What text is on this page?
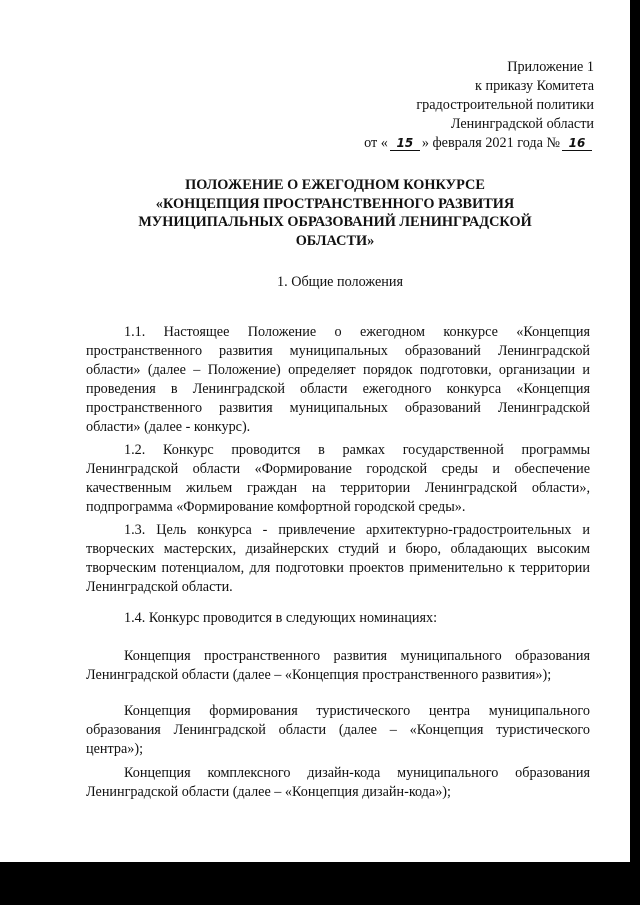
Приложение 1
к приказу Комитета
градостроительной политики
Ленинградской области
от « 15 » февраля 2021 года № 16
ПОЛОЖЕНИЕ О ЕЖЕГОДНОМ КОНКУРСЕ
«КОНЦЕПЦИЯ ПРОСТРАНСТВЕННОГО РАЗВИТИЯ
МУНИЦИПАЛЬНЫХ ОБРАЗОВАНИЙ ЛЕНИНГРАДСКОЙ
ОБЛАСТИ»
1. Общие положения
1.1. Настоящее Положение о ежегодном конкурсе «Концепция пространственного развития муниципальных образований Ленинградской области» (далее – Положение) определяет порядок подготовки, организации и проведения в Ленинградской области ежегодного конкурса «Концепция пространственного развития муниципальных образований Ленинградской области» (далее - конкурс).
1.2. Конкурс проводится в рамках государственной программы Ленинградской области «Формирование городской среды и обеспечение качественным жильем граждан на территории Ленинградской области», подпрограмма «Формирование комфортной городской среды».
1.3. Цель конкурса - привлечение архитектурно-градостроительных и творческих мастерских, дизайнерских студий и бюро, обладающих высоким творческим потенциалом, для подготовки проектов применительно к территории Ленинградской области.
1.4. Конкурс проводится в следующих номинациях:
Концепция пространственного развития муниципального образования Ленинградской области (далее – «Концепция пространственного развития»);
Концепция формирования туристического центра муниципального образования Ленинградской области (далее – «Концепция туристического центра»);
Концепция комплексного дизайн-кода муниципального образования Ленинградской области (далее – «Концепция дизайн-кода»);
